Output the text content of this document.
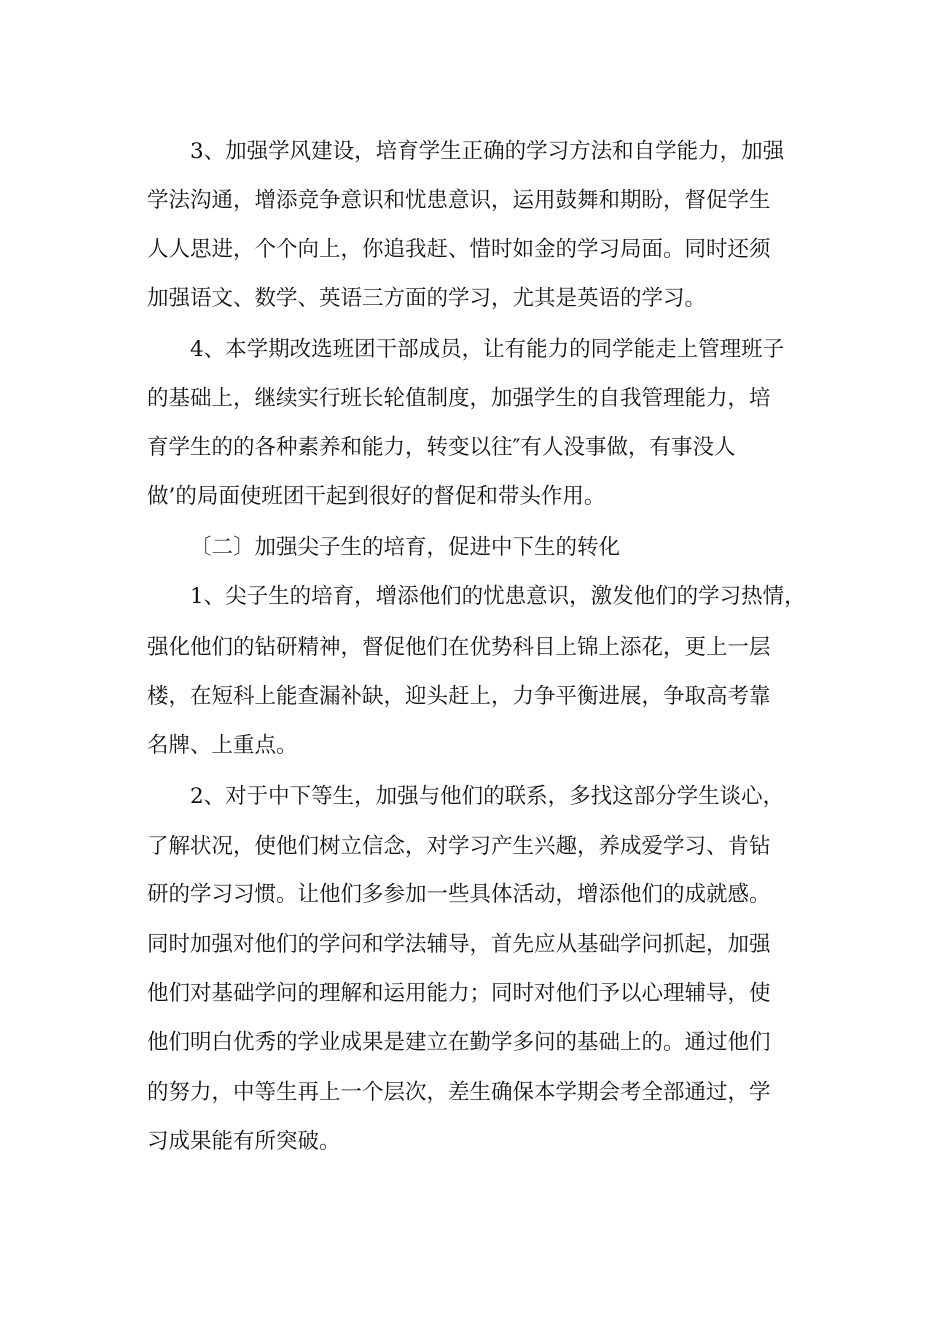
3、加强学风建设，培育学生正确的学习方法和自学能力，加强

学法沟通，增添竞争意识和忧患意识，运用鼓舞和期盼，督促学生

人人思进，个个向上，你追我赶、惜时如金的学习局面。同时还须

加强语文、数学、英语三方面的学习，尤其是英语的学习。

4、本学期改选班团干部成员，让有能力的同学能走上管理班子

的基础上，继续实行班长轮值制度，加强学生的自我管理能力，培

育学生的的各种素养和能力，转变以往″有人没事做，有事没人

做’的局面使班团干起到很好的督促和带头作用。

〔二〕加强尖子生的培育，促进中下生的转化

1、尖子生的培育，增添他们的忧患意识，激发他们的学习热情，

强化他们的钻研精神，督促他们在优势科目上锦上添花，更上一层

楼，在短科上能查漏补缺，迎头赶上，力争平衡进展，争取高考靠

名牌、上重点。

2、对于中下等生，加强与他们的联系，多找这部分学生谈心，

了解状况，使他们树立信念，对学习产生兴趣，养成爱学习、肯钻

研的学习习惯。让他们多参加一些具体活动，增添他们的成就感。

同时加强对他们的学问和学法辅导，首先应从基础学问抓起，加强

他们对基础学问的理解和运用能力；同时对他们予以心理辅导，使

他们明白优秀的学业成果是建立在勤学多问的基础上的。通过他们

的努力，中等生再上一个层次，差生确保本学期会考全部通过，学

习成果能有所突破。
